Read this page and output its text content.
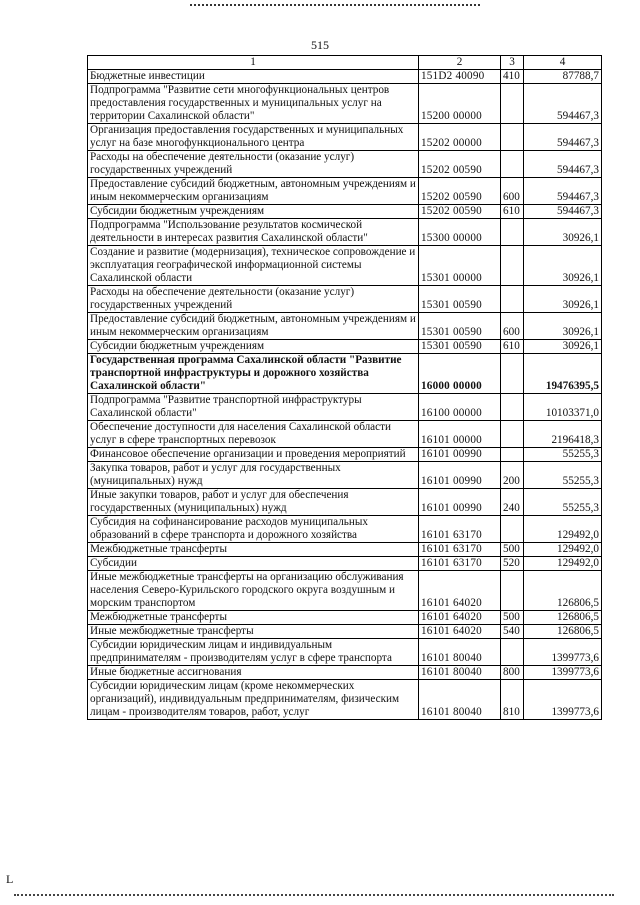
515
1	2	3	4
Бюджетные инвестиции	151D2 40090	410	87788,7
Подпрограмма "Развитие сети многофункциональных центров предоставления государственных и муниципальных услуг на территории Сахалинской области"	15200 00000		594467,3
Организация предоставления государственных и муниципальных услуг на базе многофункционального центра	15202 00000		594467,3
Расходы на обеспечение деятельности (оказание услуг) государственных учреждений	15202 00590		594467,3
Предоставление субсидий бюджетным, автономным учреждениям и иным некоммерческим организациям	15202 00590	600	594467,3
Субсидии бюджетным учреждениям	15202 00590	610	594467,3
Подпрограмма "Использование результатов космической деятельности в интересах развития Сахалинской области"	15300 00000		30926,1
Создание и развитие (модернизация), техническое сопровождение и эксплуатация географической информационной системы Сахалинской области	15301 00000		30926,1
Расходы на обеспечение деятельности (оказание услуг) государственных учреждений	15301 00590		30926,1
Предоставление субсидий бюджетным, автономным учреждениям и иным некоммерческим организациям	15301 00590	600	30926,1
Субсидии бюджетным учреждениям	15301 00590	610	30926,1
Государственная программа Сахалинской области "Развитие транспортной инфраструктуры и дорожного хозяйства Сахалинской области"	16000 00000		19476395,5
Подпрограмма "Развитие транспортной инфраструктуры Сахалинской области"	16100 00000		10103371,0
Обеспечение доступности для населения Сахалинской области услуг в сфере транспортных перевозок	16101 00000		2196418,3
Финансовое обеспечение организации и проведения мероприятий	16101 00990		55255,3
Закупка товаров, работ и услуг для государственных (муниципальных) нужд	16101 00990	200	55255,3
Иные закупки товаров, работ и услуг для обеспечения государственных (муниципальных) нужд	16101 00990	240	55255,3
Субсидия на софинансирование расходов муниципальных образований в сфере транспорта и дорожного хозяйства	16101 63170		129492,0
Межбюджетные трансферты	16101 63170	500	129492,0
Субсидии	16101 63170	520	129492,0
Иные межбюджетные трансферты на организацию обслуживания населения Северо-Курильского городского округа воздушным и морским транспортом	16101 64020		126806,5
Межбюджетные трансферты	16101 64020	500	126806,5
Иные межбюджетные трансферты	16101 64020	540	126806,5
Субсидии юридическим лицам и индивидуальным предпринимателям - производителям услуг в сфере транспорта	16101 80040		1399773,6
Иные бюджетные ассигнования	16101 80040	800	1399773,6
Субсидии юридическим лицам (кроме некоммерческих организаций), индивидуальным предпринимателям, физическим лицам - производителям товаров, работ, услуг	16101 80040	810	1399773,6
L
